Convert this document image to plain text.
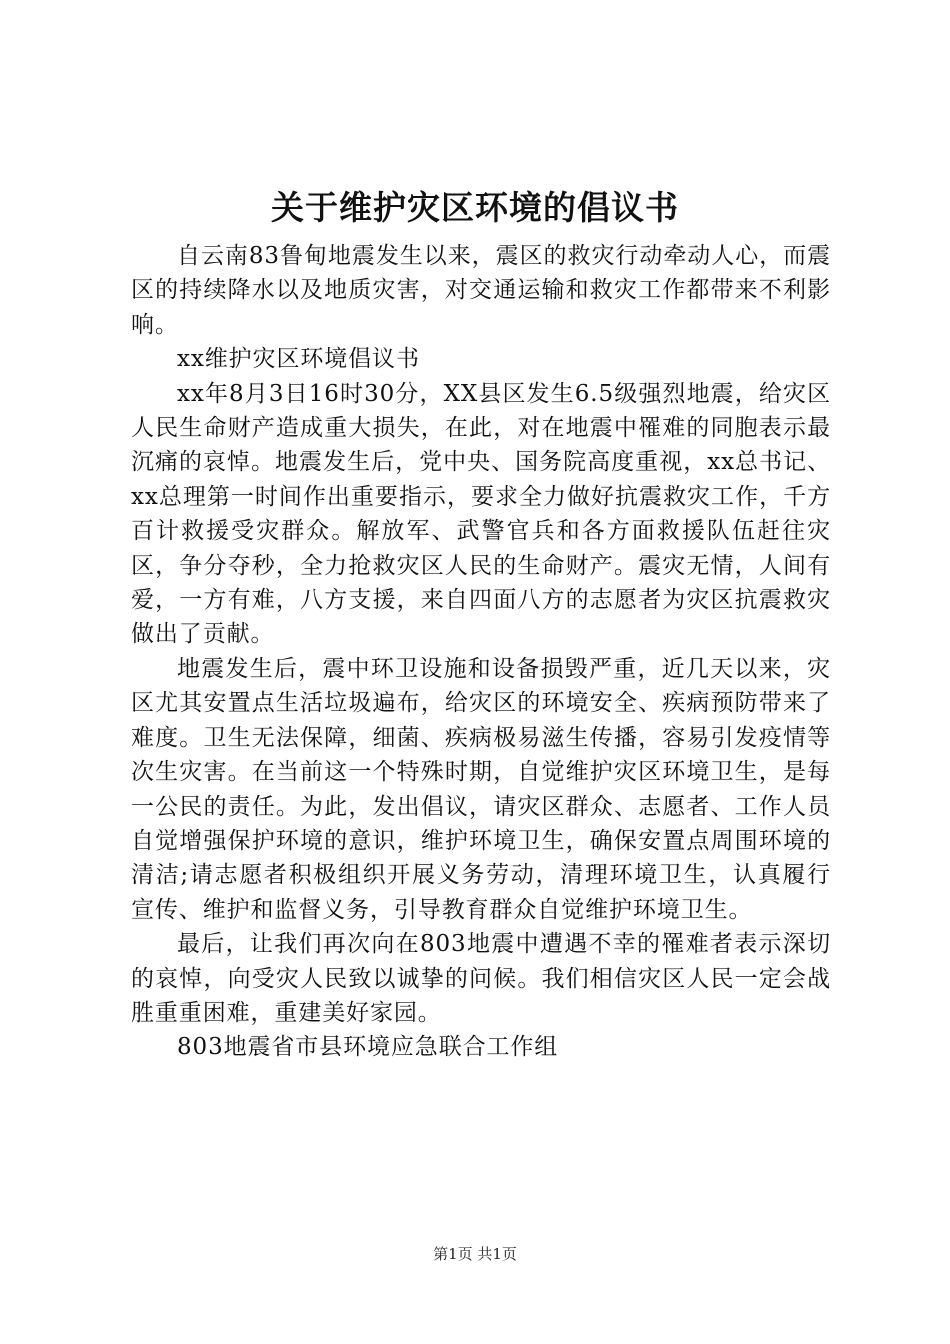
关于维护灾区环境的倡议书

自云南83鲁甸地震发生以来，震区的救灾行动牵动人心，而震区的持续降水以及地质灾害，对交通运输和救灾工作都带来不利影响。

xx维护灾区环境倡议书

xx年8月3日16时30分，XX县区发生6.5级强烈地震，给灾区人民生命财产造成重大损失，在此，对在地震中罹难的同胞表示最沉痛的哀悼。地震发生后，党中央、国务院高度重视，xx总书记、xx总理第一时间作出重要指示，要求全力做好抗震救灾工作，千方百计救援受灾群众。解放军、武警官兵和各方面救援队伍赶往灾区，争分夺秒，全力抢救灾区人民的生命财产。震灾无情，人间有爱，一方有难，八方支援，来自四面八方的志愿者为灾区抗震救灾做出了贡献。

地震发生后，震中环卫设施和设备损毁严重，近几天以来，灾区尤其安置点生活垃圾遍布，给灾区的环境安全、疾病预防带来了难度。卫生无法保障，细菌、疾病极易滋生传播，容易引发疫情等次生灾害。在当前这一个特殊时期，自觉维护灾区环境卫生，是每一公民的责任。为此，发出倡议，请灾区群众、志愿者、工作人员自觉增强保护环境的意识，维护环境卫生，确保安置点周围环境的清洁;请志愿者积极组织开展义务劳动，清理环境卫生，认真履行宣传、维护和监督义务，引导教育群众自觉维护环境卫生。

最后，让我们再次向在803地震中遭遇不幸的罹难者表示深切的哀悼，向受灾人民致以诚挚的问候。我们相信灾区人民一定会战胜重重困难，重建美好家园。

803地震省市县环境应急联合工作组

第1页 共1页
